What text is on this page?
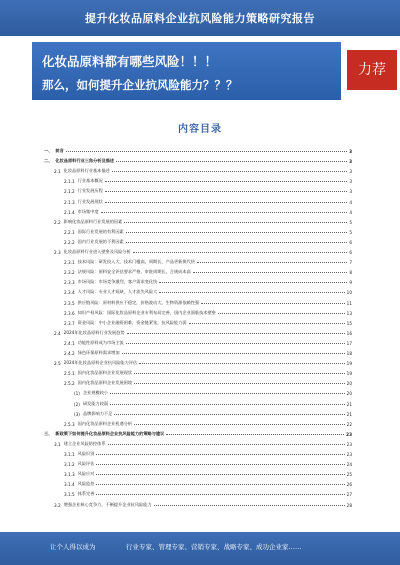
提升化妆品原料企业抗风险能力策略研究报告
化妆品原料都有哪些风险！！！
那么，如何提升企业抗风险能力？？？
力荐
内容目录
一、 前言	3
二、 化妆品原料行业三角分析及描述	3
2.1 化妆品原料行业基本描述	3
2.1.1 行业基本概况	3
2.1.2 行业发展历程	3
2.1.3 行业发展现状	4
2.1.4 市场集中度	4
2.2 影响化妆品原料行业发展的因素	5
2.2.1 国际行业发展的有利因素	5
2.2.2 国内行业发展的不利因素	6
2.3 化妆品原料行业进入壁垒及风险分析	6
2.3.1 技术风险：研发投入大，技术门槛高，周期长，产品更新换代快	7
2.3.2 法规风险：原料安全评估要求严格，审批周期长，合规成本高	8
2.3.3 市场风险：市场竞争激烈，客户需求变化快	9
2.3.4 人才风险：专业人才短缺，人才流失风险大	10
2.3.5 供应链风险：原材料供应不稳定，价格波动大，生物资源依赖性强	11
2.3.6 知识产权风险：国际化妆品原料企业专利布局完善，国内企业面临技术壁垒	13
2.3.7 资金风险：中小企业融资困难，资金链紧张，抗风险能力弱	15
2.4 2024年化妆品原料行业发展趋势	16
2.4.1 功能性原料成为市场主流	17
2.4.2 绿色环保原料需求增加	18
2.5 2024年化妆品原料企业抗风险能力评估	19
2.5.1 国内化妆品原料企业发展现状	19
2.5.2 国内化妆品原料企业发展困境	20
(1) 企业规模较小	20
(2) 研发能力较弱	21
(3) 品牌影响力不足	21
2.5.3 国内化妆品原料企业机遇分析	22
三、 新政策下如何提升化妆品原料企业抗风险能力的策略与建议	23
3.1 建立企业风险防控体系	23
3.1.1 风险识别	23
3.1.2 风险评估	24
3.1.3 风险应对	25
3.1.4 风险监控	26
3.1.5 体系完善	27
3.2 增强企业核心竞争力，不断提升企业抗风险能力	28
让个人得以成为	行业专家、管理专家、营销专家、战略专家、成功企业家……
